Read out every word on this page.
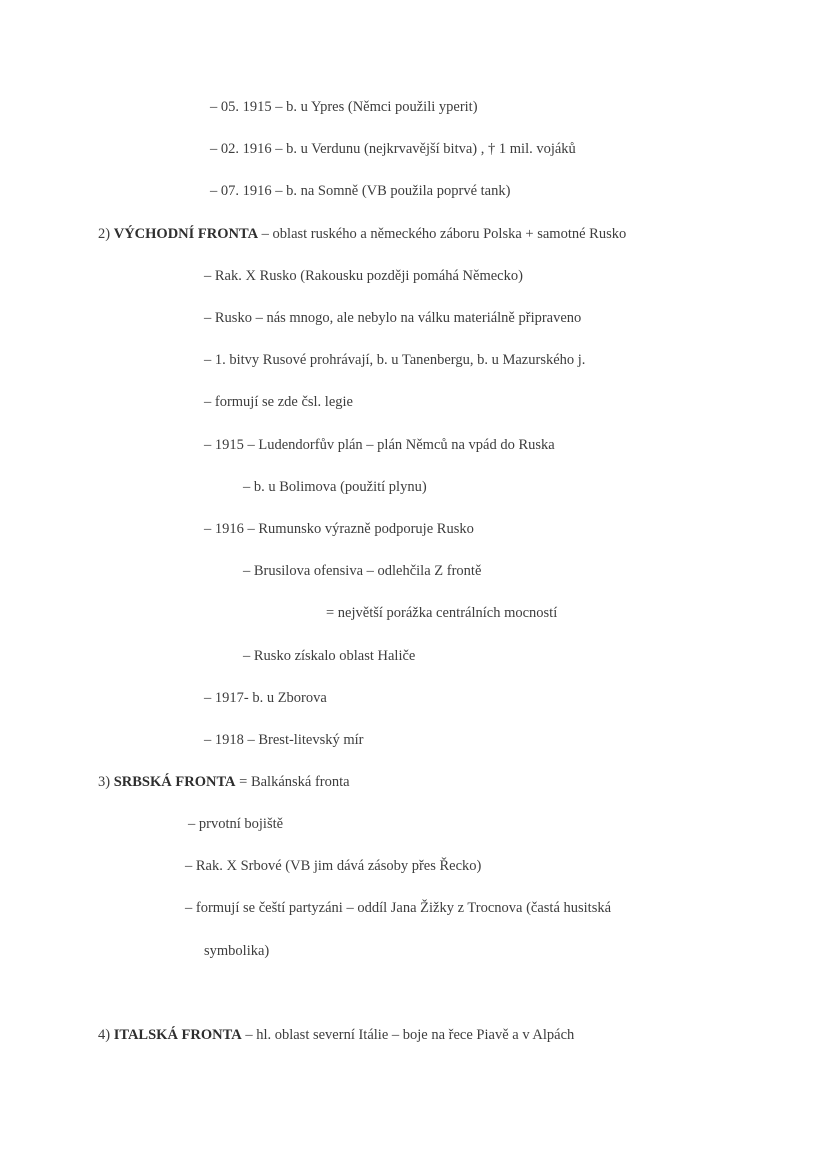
– 05. 1915 – b. u Ypres (Němci použili yperit)
– 02. 1916 – b. u Verdunu (nejkrvavější bitva) , † 1 mil. vojáků
– 07. 1916 – b. na Somně (VB použila poprvé tank)
2) VÝCHODNÍ FRONTA – oblast ruského a německého záboru Polska + samotné Rusko
– Rak. X Rusko (Rakousku později pomáhá Německo)
– Rusko – nás mnogo, ale nebylo na válku materiálně připraveno
– 1. bitvy Rusové prohrávají, b. u Tanenbergu, b. u Mazurského j.
– formují se zde čsl. legie
– 1915 – Ludendorfův plán – plán Němců na vpád do Ruska
– b. u Bolimova (použití plynu)
– 1916 – Rumunsko výrazně podporuje Rusko
– Brusilova ofensiva – odlehčila Z frontě
= největší porážka centrálních mocností
– Rusko získalo oblast Haliče
– 1917- b. u Zborova
– 1918 – Brest-litevský mír
3) SRBSKÁ FRONTA = Balkánská fronta
– prvotní bojiště
– Rak. X Srbové (VB jim dává zásoby přes Řecko)
– formují se čeští partyzáni – oddíl Jana Žižky z Trocnova (častá husitská
symbolika)
4) ITALSKÁ FRONTA – hl. oblast severní Itálie – boje na řece Piavě a v Alpách
